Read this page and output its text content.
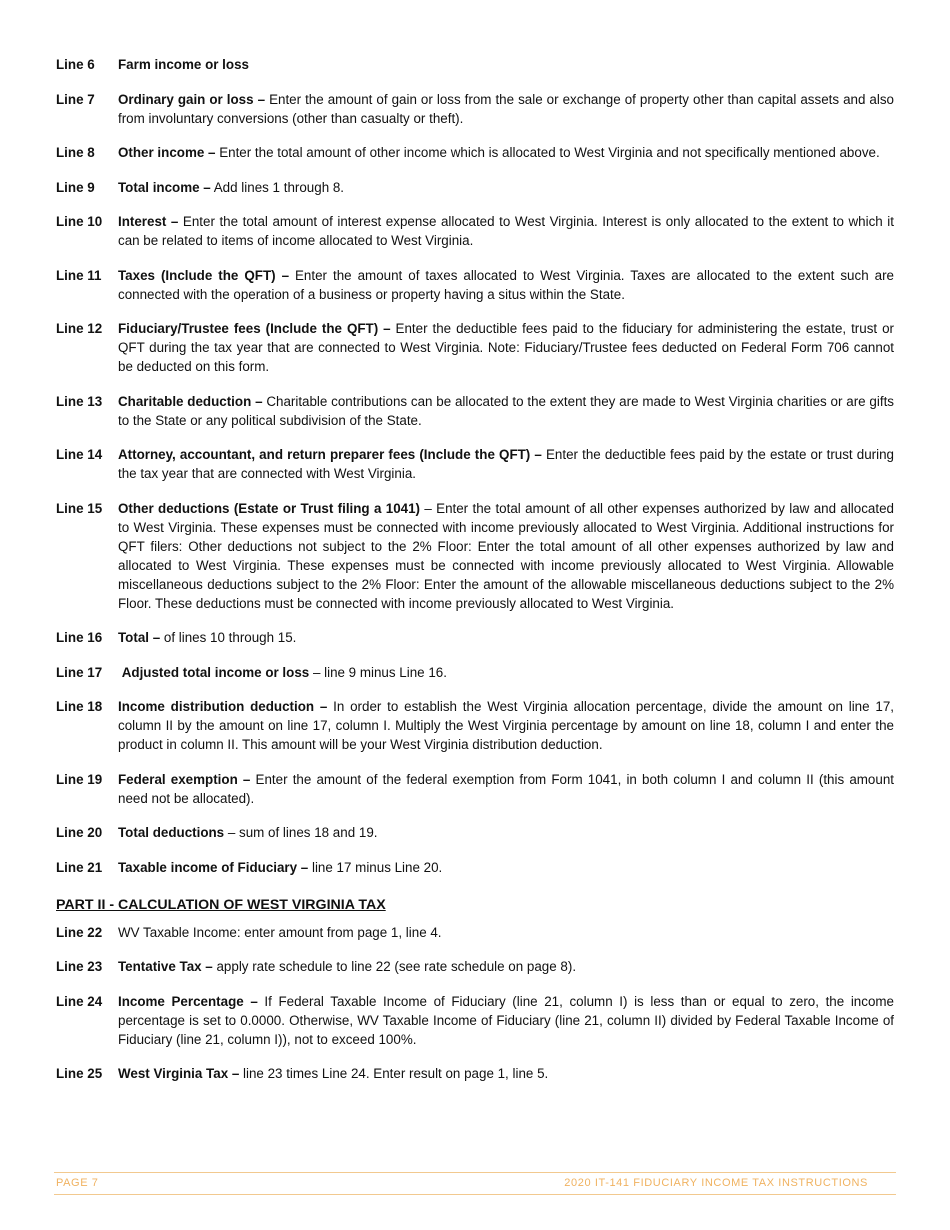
Line 6	Farm income or loss
Line 7	Ordinary gain or loss – Enter the amount of gain or loss from the sale or exchange of property other than capital assets and also from involuntary conversions (other than casualty or theft).
Line 8	Other income – Enter the total amount of other income which is allocated to West Virginia and not specifically mentioned above.
Line 9	Total income – Add lines 1 through 8.
Line 10	Interest – Enter the total amount of interest expense allocated to West Virginia. Interest is only allocated to the extent to which it can be related to items of income allocated to West Virginia.
Line 11	Taxes (Include the QFT) – Enter the amount of taxes allocated to West Virginia. Taxes are allocated to the extent such are connected with the operation of a business or property having a situs within the State.
Line 12	Fiduciary/Trustee fees (Include the QFT) – Enter the deductible fees paid to the fiduciary for administering the estate, trust or QFT during the tax year that are connected to West Virginia. Note: Fiduciary/Trustee fees deducted on Federal Form 706 cannot be deducted on this form.
Line 13	Charitable deduction – Charitable contributions can be allocated to the extent they are made to West Virginia charities or are gifts to the State or any political subdivision of the State.
Line 14	Attorney, accountant, and return preparer fees (Include the QFT) – Enter the deductible fees paid by the estate or trust during the tax year that are connected with West Virginia.
Line 15	Other deductions (Estate or Trust filing a 1041) – Enter the total amount of all other expenses authorized by law and allocated to West Virginia. These expenses must be connected with income previously allocated to West Virginia. Additional instructions for QFT filers: Other deductions not subject to the 2% Floor: Enter the total amount of all other expenses authorized by law and allocated to West Virginia. These expenses must be connected with income previously allocated to West Virginia. Allowable miscellaneous deductions subject to the 2% Floor: Enter the amount of the allowable miscellaneous deductions subject to the 2% Floor. These deductions must be connected with income previously allocated to West Virginia.
Line 16	Total – of lines 10 through 15.
Line 17	Adjusted total income or loss – line 9 minus Line 16.
Line 18	Income distribution deduction – In order to establish the West Virginia allocation percentage, divide the amount on line 17, column II by the amount on line 17, column I. Multiply the West Virginia percentage by amount on line 18, column I and enter the product in column II. This amount will be your West Virginia distribution deduction.
Line 19	Federal exemption – Enter the amount of the federal exemption from Form 1041, in both column I and column II (this amount need not be allocated).
Line 20	Total deductions – sum of lines 18 and 19.
Line 21	Taxable income of Fiduciary – line 17 minus Line 20.
PART II - CALCULATION OF WEST VIRGINIA TAX
Line 22	WV Taxable Income: enter amount from page 1, line 4.
Line 23	Tentative Tax – apply rate schedule to line 22 (see rate schedule on page 8).
Line 24	Income Percentage – If Federal Taxable Income of Fiduciary (line 21, column I) is less than or equal to zero, the income percentage is set to 0.0000. Otherwise, WV Taxable Income of Fiduciary (line 21, column II) divided by Federal Taxable Income of Fiduciary (line 21, column I)), not to exceed 100%.
Line 25	West Virginia Tax – line 23 times Line 24. Enter result on page 1, line 5.
PAGE 7	2020 IT-141 FIDUCIARY INCOME TAX INSTRUCTIONS
